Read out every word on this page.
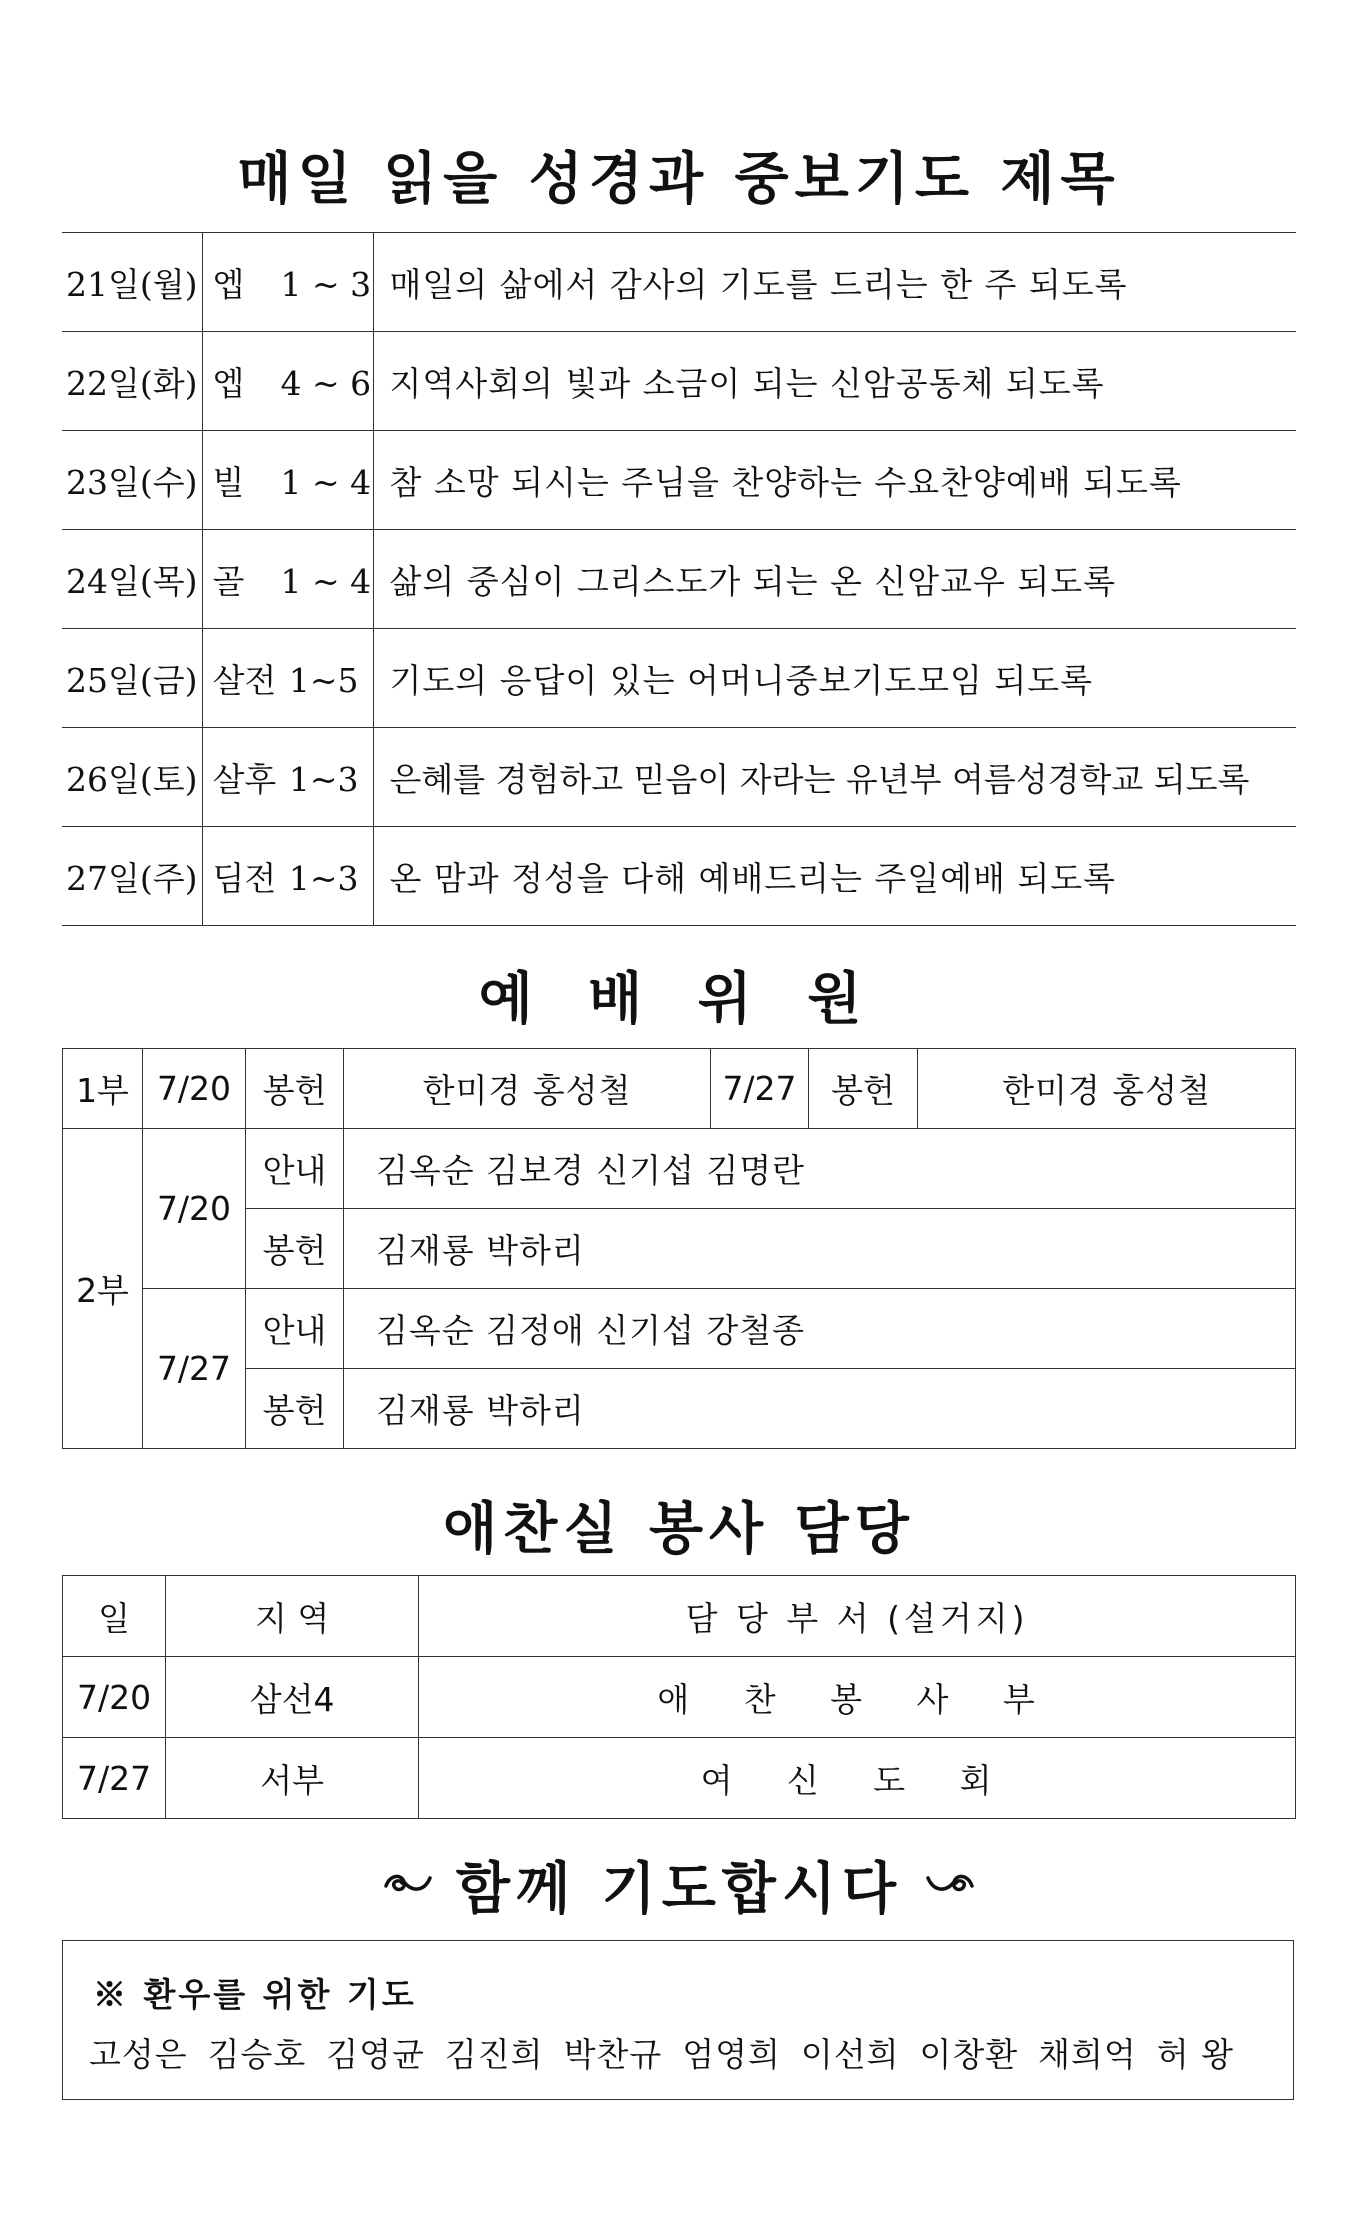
매일 읽을 성경과 중보기도 제목
21일(월)	엡 1 ~ 3	매일의 삶에서 감사의 기도를 드리는 한 주 되도록
22일(화)	엡 4 ~ 6	지역사회의 빛과 소금이 되는 신암공동체 되도록
23일(수)	빌 1 ~ 4	참 소망 되시는 주님을 찬양하는 수요찬양예배 되도록
24일(목)	골 1 ~ 4	삶의 중심이 그리스도가 되는 온 신암교우 되도록
25일(금)	살전 1~5	기도의 응답이 있는 어머니중보기도모임 되도록
26일(토)	살후 1~3	은혜를 경험하고 믿음이 자라는 유년부 여름성경학교 되도록
27일(주)	딤전 1~3	온 맘과 정성을 다해 예배드리는 주일예배 되도록
예 배 위 원
1부	7/20	봉헌	한미경 홍성철	7/27	봉헌	한미경 홍성철
2부	7/20	안내	김옥순 김보경 신기섭 김명란			
		봉헌	김재룡 박하리			
	7/27	안내	김옥순 김정애 신기섭 강철종			
		봉헌	김재룡 박하리			
애찬실 봉사 담당
일	지 역	담 당 부 서 (설거지)
7/20	삼선4	애 찬 봉 사 부
7/27	서부	여 신 도 회
함께 기도합시다
※ 환우를 위한 기도
고성은 김승호 김영균 김진희 박찬규 엄영희 이선희 이창환 채희억 허 왕
